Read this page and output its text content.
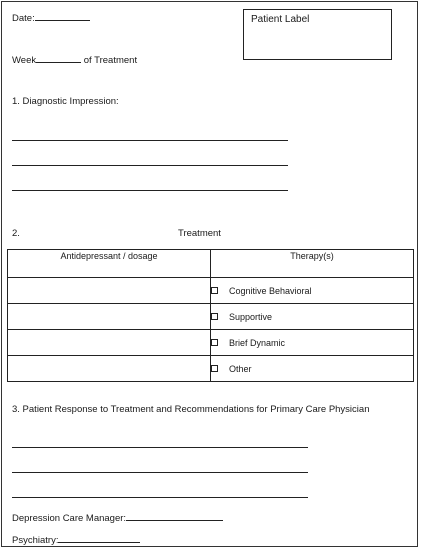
Date:	Patient Label
Week	of Treatment
1. Diagnostic Impression:
2.	Treatment
Antidepressant / dosage	Therapy(s)
	Cognitive Behavioral
	Supportive
	Brief Dynamic
	Other
3. Patient Response to Treatment and Recommendations for Primary Care Physician
Depression Care Manager:
Psychiatry:
